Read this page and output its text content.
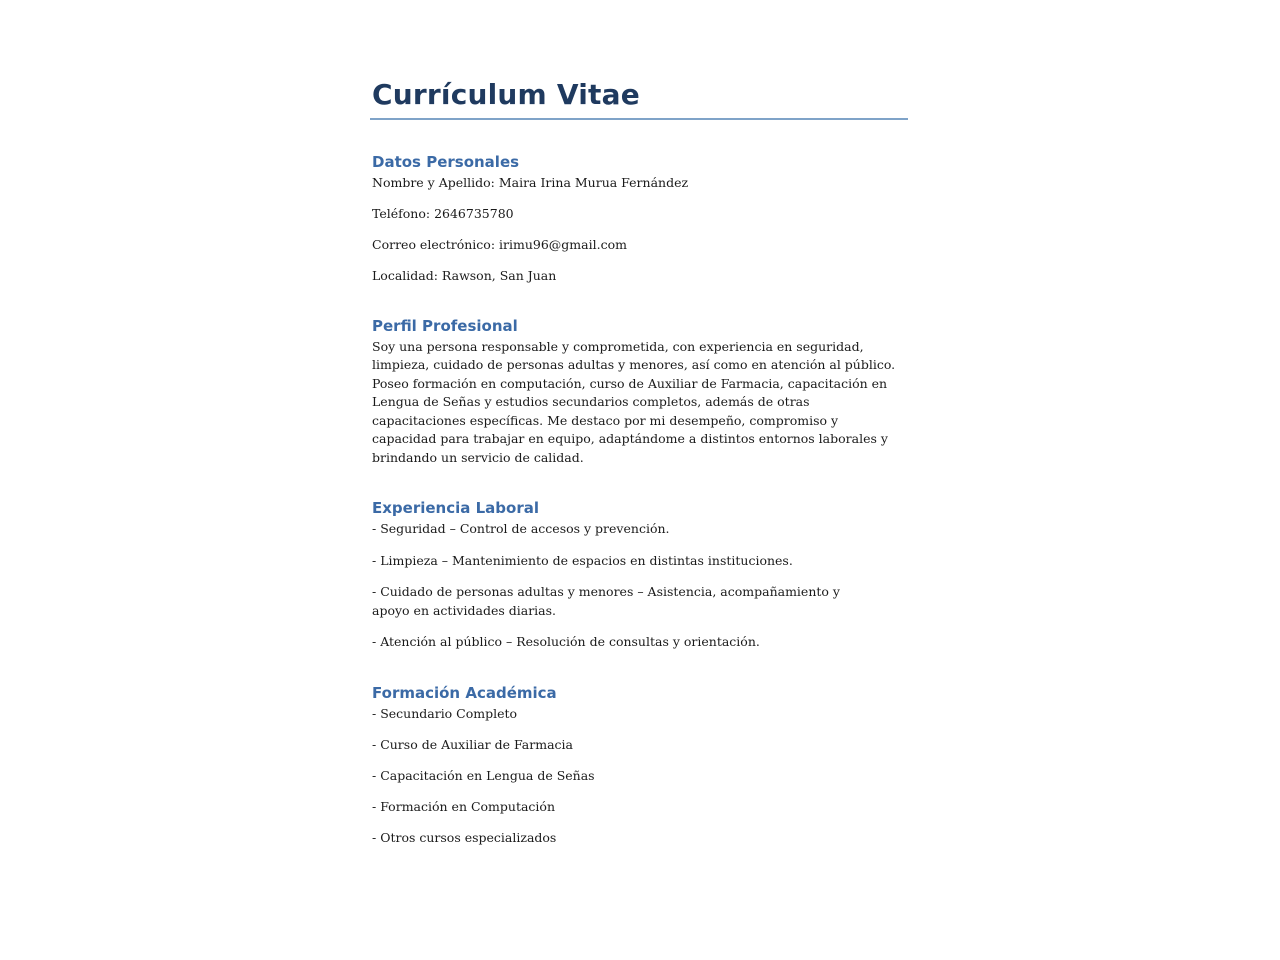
Currículum Vitae
Datos Personales

Nombre y Apellido: Maira Irina Murua Fernández

Teléfono: 2646735780

Correo electrónico: irimu96@gmail.com

Localidad: Rawson, San Juan

Perfil Profesional

Soy una persona responsable y comprometida, con experiencia en seguridad, limpieza, cuidado de personas adultas y menores, así como en atención al público. Poseo formación en computación, curso de Auxiliar de Farmacia, capacitación en Lengua de Señas y estudios secundarios completos, además de otras capacitaciones específicas. Me destaco por mi desempeño, compromiso y capacidad para trabajar en equipo, adaptándome a distintos entornos laborales y brindando un servicio de calidad.

Experiencia Laboral

- Seguridad – Control de accesos y prevención.

- Limpieza – Mantenimiento de espacios en distintas instituciones.

- Cuidado de personas adultas y menores – Asistencia, acompañamiento y apoyo en actividades diarias.

- Atención al público – Resolución de consultas y orientación.

Formación Académica

- Secundario Completo

- Curso de Auxiliar de Farmacia

- Capacitación en Lengua de Señas

- Formación en Computación

- Otros cursos especializados
